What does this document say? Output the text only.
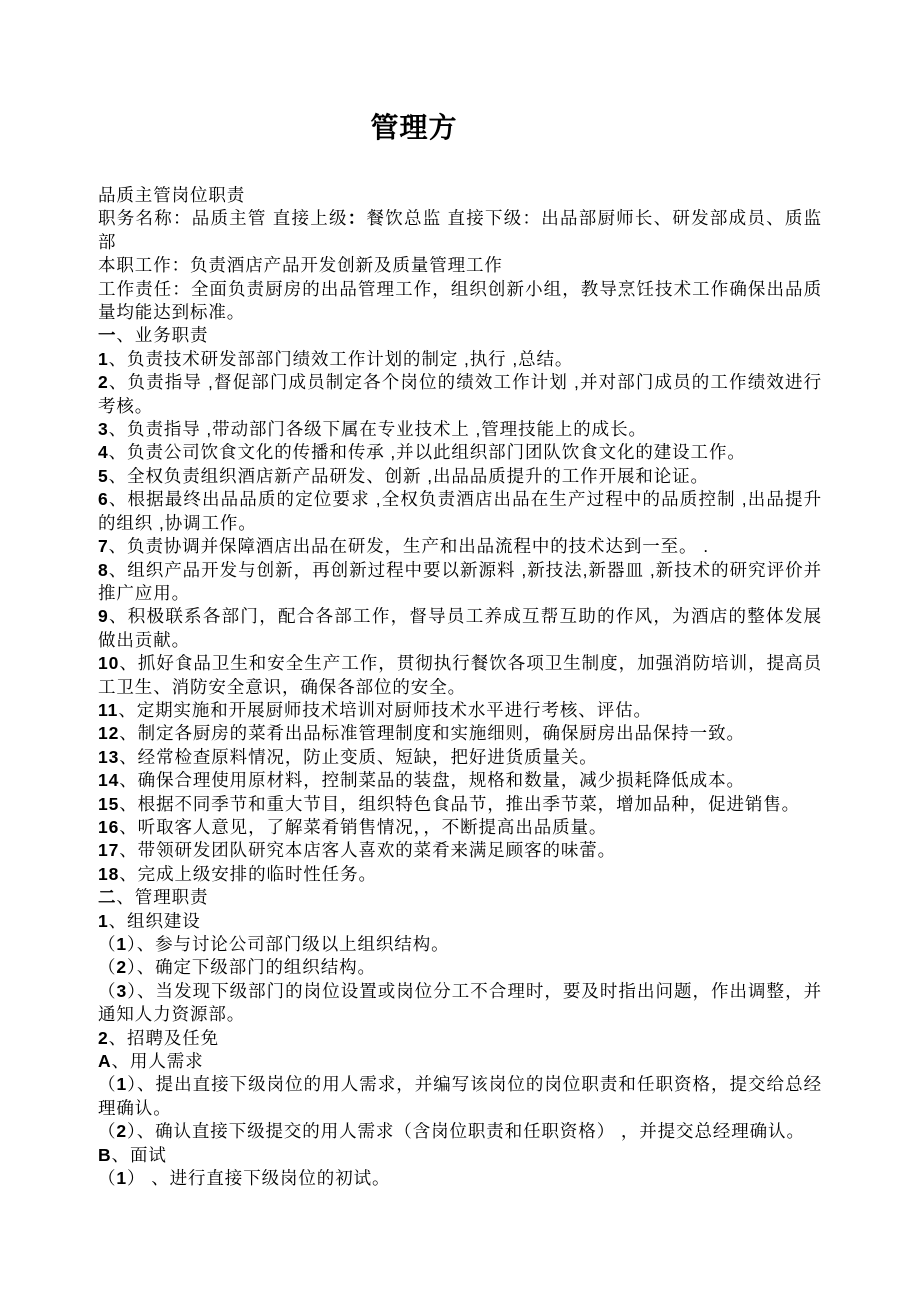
管理方

品质主管岗位职责

职务名称：品质主管 直接上级：餐饮总监 直接下级：出品部厨师长、研发部成员、质监部

本职工作：负责酒店产品开发创新及质量管理工作

工作责任：全面负责厨房的出品管理工作，组织创新小组，教导烹饪技术工作确保出品质量均能达到标准。

一、业务职责

1、负责技术研发部部门绩效工作计划的制定 ,执行 ,总结。

2、负责指导 ,督促部门成员制定各个岗位的绩效工作计划 ,并对部门成员的工作绩效进行考核。

3、负责指导 ,带动部门各级下属在专业技术上 ,管理技能上的成长。

4、负责公司饮食文化的传播和传承 ,并以此组织部门团队饮食文化的建设工作。

5、全权负责组织酒店新产品研发、创新 ,出品品质提升的工作开展和论证。

6、根据最终出品品质的定位要求 ,全权负责酒店出品在生产过程中的品质控制 ,出品提升的组织 ,协调工作。

7、负责协调并保障酒店出品在研发，生产和出品流程中的技术达到一至。 .

8、组织产品开发与创新，再创新过程中要以新源料 ,新技法,新器皿 ,新技术的研究评价并推广应用。

9、积极联系各部门，配合各部工作，督导员工养成互帮互助的作风，为酒店的整体发展做出贡献。

10、抓好食品卫生和安全生产工作，贯彻执行餐饮各项卫生制度，加强消防培训，提高员工卫生、消防安全意识，确保各部位的安全。

11、定期实施和开展厨师技术培训对厨师技术水平进行考核、评估。

12、制定各厨房的菜肴出品标准管理制度和实施细则，确保厨房出品保持一致。

13、经常检查原料情况，防止变质、短缺，把好进货质量关。

14、确保合理使用原材料，控制菜品的装盘，规格和数量，减少损耗降低成本。

15、根据不同季节和重大节目，组织特色食品节，推出季节菜，增加品种，促进销售。

16、听取客人意见，了解菜肴销售情况，，不断提高出品质量。

17、带领研发团队研究本店客人喜欢的菜肴来满足顾客的味蕾。

18、完成上级安排的临时性任务。

二、管理职责

1、组织建设

（1）、参与讨论公司部门级以上组织结构。

（2）、确定下级部门的组织结构。

（3）、当发现下级部门的岗位设置或岗位分工不合理时，要及时指出问题，作出调整，并通知人力资源部。

2、招聘及任免

A、用人需求

（1）、提出直接下级岗位的用人需求，并编写该岗位的岗位职责和任职资格，提交给总经理确认。

（2）、确认直接下级提交的用人需求（含岗位职责和任职资格） ，并提交总经理确认。

B、面试

（1） 、进行直接下级岗位的初试。
